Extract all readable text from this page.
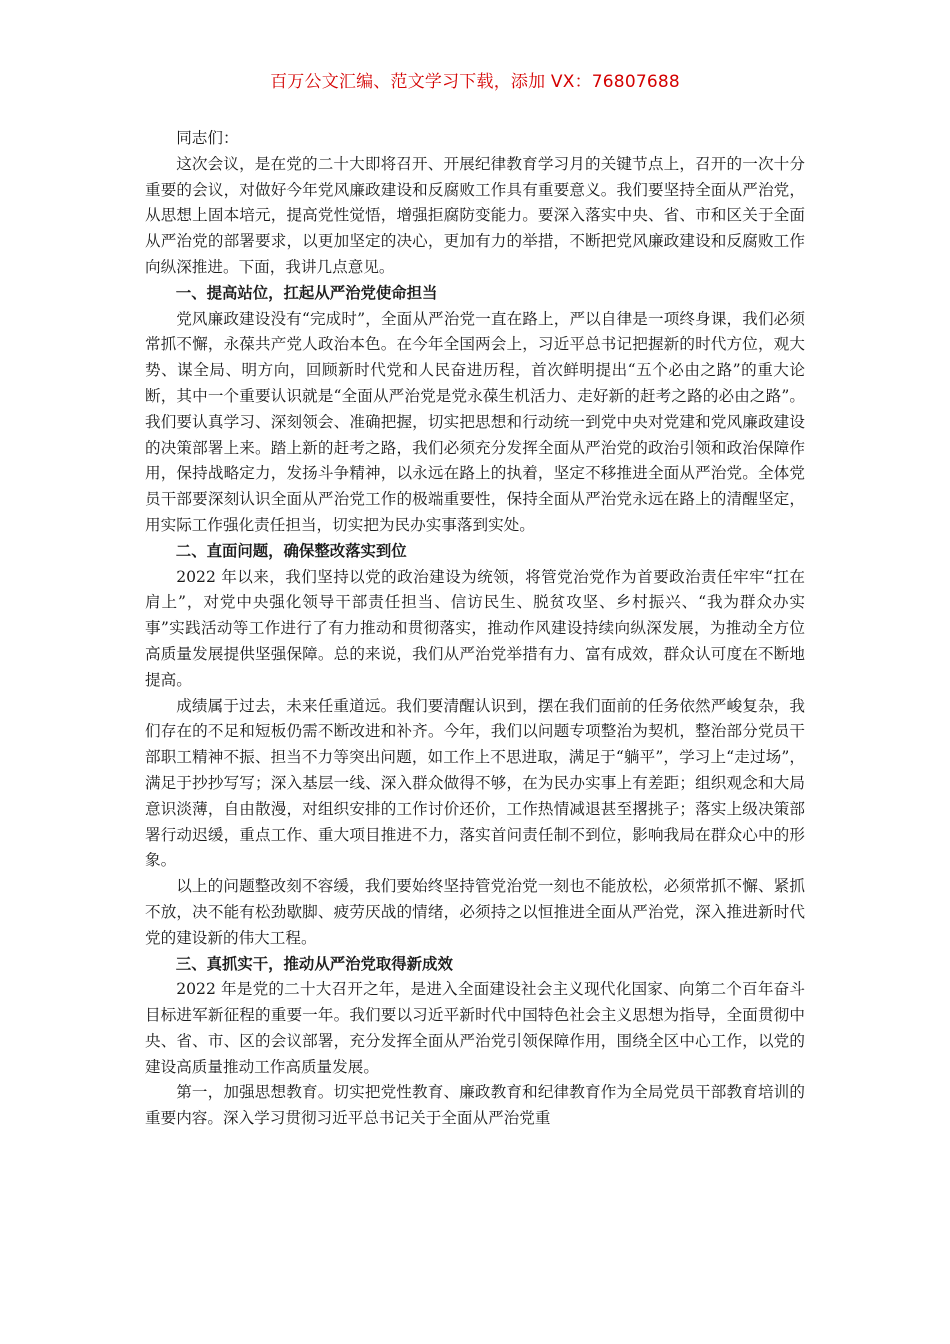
百万公文汇编、范文学习下载，添加 VX：76807688

同志们：

这次会议，是在党的二十大即将召开、开展纪律教育学习月的关键节点上，召开的一次十分重要的会议，对做好今年党风廉政建设和反腐败工作具有重要意义。我们要坚持全面从严治党，从思想上固本培元，提高党性觉悟，增强拒腐防变能力。要深入落实中央、省、市和区关于全面从严治党的部署要求，以更加坚定的决心，更加有力的举措，不断把党风廉政建设和反腐败工作向纵深推进。下面，我讲几点意见。

一、提高站位，扛起从严治党使命担当

党风廉政建设没有“完成时”，全面从严治党一直在路上，严以自律是一项终身课，我们必须常抓不懈，永葆共产党人政治本色。在今年全国两会上，习近平总书记把握新的时代方位，观大势、谋全局、明方向，回顾新时代党和人民奋进历程，首次鲜明提出“五个必由之路”的重大论断，其中一个重要认识就是“全面从严治党是党永葆生机活力、走好新的赶考之路的必由之路”。我们要认真学习、深刻领会、准确把握，切实把思想和行动统一到党中央对党建和党风廉政建设的决策部署上来。踏上新的赶考之路，我们必须充分发挥全面从严治党的政治引领和政治保障作用，保持战略定力，发扬斗争精神，以永远在路上的执着，坚定不移推进全面从严治党。全体党员干部要深刻认识全面从严治党工作的极端重要性，保持全面从严治党永远在路上的清醒坚定，用实际工作强化责任担当，切实把为民办实事落到实处。

二、直面问题，确保整改落实到位

2022 年以来，我们坚持以党的政治建设为统领，将管党治党作为首要政治责任牢牢“扛在肩上”，对党中央强化领导干部责任担当、信访民生、脱贫攻坚、乡村振兴、“我为群众办实事”实践活动等工作进行了有力推动和贯彻落实，推动作风建设持续向纵深发展，为推动全方位高质量发展提供坚强保障。总的来说，我们从严治党举措有力、富有成效，群众认可度在不断地提高。

成绩属于过去，未来任重道远。我们要清醒认识到，摆在我们面前的任务依然严峻复杂，我们存在的不足和短板仍需不断改进和补齐。今年，我们以问题专项整治为契机，整治部分党员干部职工精神不振、担当不力等突出问题，如工作上不思进取，满足于“躺平”，学习上“走过场”，满足于抄抄写写；深入基层一线、深入群众做得不够，在为民办实事上有差距；组织观念和大局意识淡薄，自由散漫，对组织安排的工作讨价还价，工作热情减退甚至撂挑子；落实上级决策部署行动迟缓，重点工作、重大项目推进不力，落实首问责任制不到位，影响我局在群众心中的形象。

以上的问题整改刻不容缓，我们要始终坚持管党治党一刻也不能放松，必须常抓不懈、紧抓不放，决不能有松劲歇脚、疲劳厌战的情绪，必须持之以恒推进全面从严治党，深入推进新时代党的建设新的伟大工程。

三、真抓实干，推动从严治党取得新成效

2022 年是党的二十大召开之年，是进入全面建设社会主义现代化国家、向第二个百年奋斗目标进军新征程的重要一年。我们要以习近平新时代中国特色社会主义思想为指导，全面贯彻中央、省、市、区的会议部署，充分发挥全面从严治党引领保障作用，围绕全区中心工作，以党的建设高质量推动工作高质量发展。

第一，加强思想教育。切实把党性教育、廉政教育和纪律教育作为全局党员干部教育培训的重要内容。深入学习贯彻习近平总书记关于全面从严治党重
